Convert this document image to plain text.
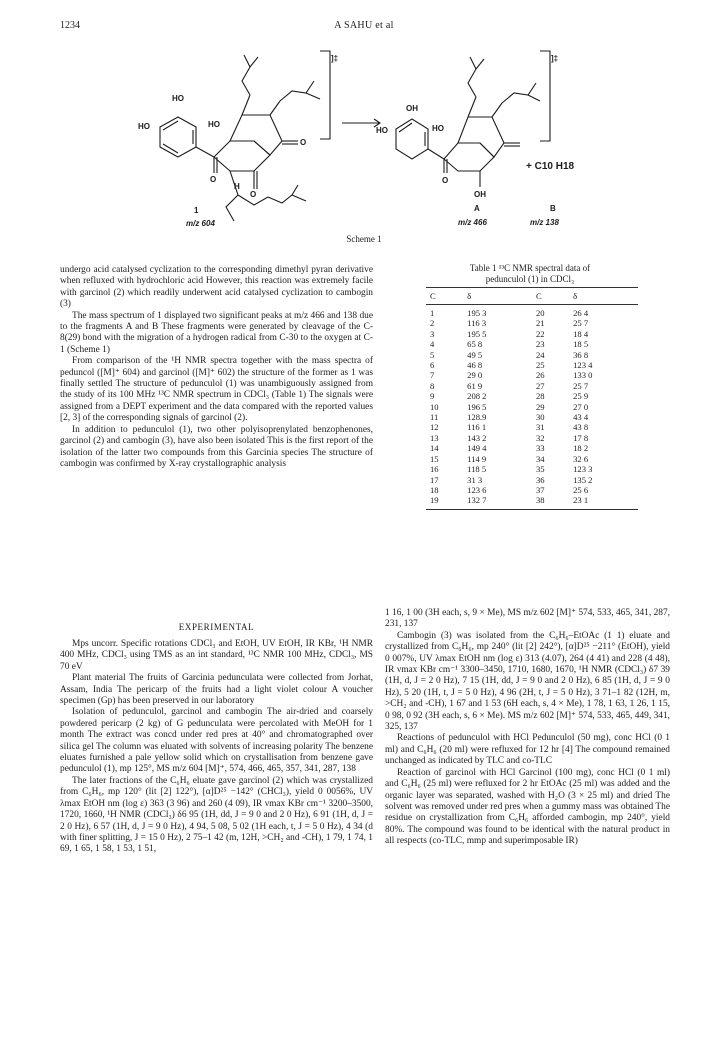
1234	A SAHU et al
HO
HO	HO
O
O
O
H
]‡
OH
HO	HO
O
OH
]‡
+ C10 H18
1
m/z 604
A
m/z 466
B
m/z 138
Scheme 1

undergo acid catalysed cyclization to the corresponding dimethyl pyran derivative when refluxed with hydrochloric acid However, this reaction was extremely facile with garcinol (2) which readily underwent acid catalysed cyclization to cambogin (3)

The mass spectrum of 1 displayed two significant peaks at m/z 466 and 138 due to the fragments A and B These fragments were generated by cleavage of the C-8(29) bond with the migration of a hydrogen radical from C-30 to the oxygen at C-1 (Scheme 1)

From comparison of the ¹H NMR spectra together with the mass spectra of peduncol ([M]⁺ 604) and garcinol ([M]⁺ 602) the structure of the former as 1 was finally settled The structure of pedunculol (1) was unambiguously assigned from the study of its 100 MHz ¹³C NMR spectrum in CDCl₃ (Table 1) The signals were assigned from a DEPT experiment and the data compared with the reported values [2, 3] of the corresponding signals of garcinol (2).

In addition to pedunculol (1), two other polyisoprenylated benzophenones, garcinol (2) and cambogin (3), have also been isolated This is the first report of the isolation of the latter two compounds from this Garcinia species The structure of cambogin was confirmed by X-ray crystallographic analysis

Table 1 ¹³C NMR spectral data of
pedunculol (1) in CDCl₃
C	δ	C	δ
1	195 3	20	26 4
2	116 3	21	25 7
3	195 5	22	18 4
4	65 8	23	18 5
5	49 5	24	36 8
6	46 8	25	123 4
7	29 0	26	133 0
8	61 9	27	25 7
9	208 2	28	25 9
10	196 5	29	27 0
11	128.9	30	43 4
12	116 1	31	43 8
13	143 2	32	17 8
14	149 4	33	18 2
15	114 9	34	32 6
16	118 5	35	123 3
17	31 3	36	135 2
18	123 6	37	25 6
19	132 7	38	23 1
EXPERIMENTAL

Mps uncorr. Specific rotations CDCl₃ and EtOH, UV EtOH, IR KBr, ¹H NMR 400 MHz, CDCl₃ using TMS as an int standard, ¹³C NMR 100 MHz, CDCl₃, MS 70 eV

Plant material The fruits of Garcinia pedunculata were collected from Jorhat, Assam, India The pericarp of the fruits had a light violet colour A voucher specimen (Gp) has been preserved in our laboratory

Isolation of pedunculol, garcinol and cambogin The air-dried and coarsely powdered pericarp (2 kg) of G pedunculata were percolated with MeOH for 1 month The extract was concd under red pres at 40° and chromatographed over silica gel The column was eluated with solvents of increasing polarity The benzene eluates furnished a pale yellow solid which on crystallisation from benzene gave pedunculol (1), mp 125°, MS m/z 604 [M]⁺, 574, 466, 465, 357, 341, 287, 138

The later fractions of the C₆H₆ eluate gave garcinol (2) which was crystallized from C₆H₆, mp 120° (lit [2] 122°), [α]D²⁵ −142° (CHCl₃), yield 0 0056%, UV λmax EtOH nm (log ε) 363 (3 96) and 260 (4 09), IR νmax KBr cm⁻¹ 3200–3500, 1720, 1660, ¹H NMR (CDCl₃) δ6 95 (1H, dd, J = 9 0 and 2 0 Hz), 6 91 (1H, d, J = 2 0 Hz), 6 57 (1H, d, J = 9 0 Hz), 4 94, 5 08, 5 02 (1H each, t, J = 5 0 Hz), 4 34 (d with finer splitting, J = 15 0 Hz), 2 75–1 42 (m, 12H, >CH₂ and -CH), 1 79, 1 74, 1 69, 1 65, 1 58, 1 53, 1 51,

1 16, 1 00 (3H each, s, 9 × Me), MS m/z 602 [M]⁺ 574, 533, 465, 341, 287, 231, 137

Cambogin (3) was isolated from the C₆H₆–EtOAc (1 1) eluate and crystallized from C₆H₆, mp 240° (lit [2] 242°), [α]D²⁵ −211° (EtOH), yield 0 007%, UV λmax EtOH nm (log ε) 313 (4.07), 264 (4 41) and 228 (4 48), IR νmax KBr cm⁻¹ 3300–3450, 1710, 1680, 1670, ¹H NMR (CDCl₃) δ7 39 (1H, d, J = 2 0 Hz), 7 15 (1H, dd, J = 9 0 and 2 0 Hz), 6 85 (1H, d, J = 9 0 Hz), 5 20 (1H, t, J = 5 0 Hz), 4 96 (2H, t, J = 5 0 Hz), 3 71–1 82 (12H, m, >CH₂ and -CH), 1 67 and 1 53 (6H each, s, 4 × Me), 1 78, 1 63, 1 26, 1 15, 0 98, 0 92 (3H each, s, 6 × Me). MS m/z 602 [M]⁺ 574, 533, 465, 449, 341, 325, 137

Reactions of pedunculol with HCl Pedunculol (50 mg), conc HCl (0 1 ml) and C₆H₆ (20 ml) were refluxed for 12 hr [4] The compound remained unchanged as indicated by TLC and co-TLC

Reaction of garcinol with HCl Garcinol (100 mg), conc HCl (0 1 ml) and C₆H₆ (25 ml) were refluxed for 2 hr EtOAc (25 ml) was added and the organic layer was separated, washed with H₂O (3 × 25 ml) and dried The solvent was removed under red pres when a gummy mass was obtained The residue on crystallization from C₆H₆ afforded cambogin, mp 240°, yield 80%. The compound was found to be identical with the natural product in all respects (co-TLC, mmp and superimposable IR)
